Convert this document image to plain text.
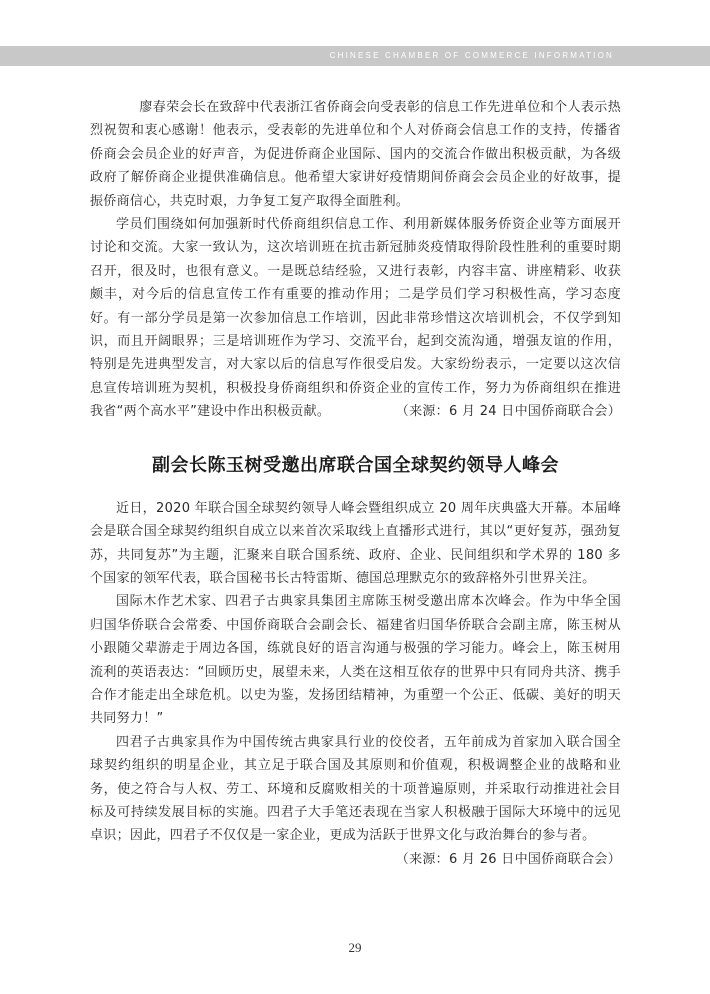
CHINESE CHAMBER OF COMMERCE INFORMATION

廖春荣会长在致辞中代表浙江省侨商会向受表彰的信息工作先进单位和个人表示热烈祝贺和衷心感谢！他表示，受表彰的先进单位和个人对侨商会信息工作的支持，传播省侨商会会员企业的好声音，为促进侨商企业国际、国内的交流合作做出积极贡献，为各级政府了解侨商企业提供准确信息。他希望大家讲好疫情期间侨商会会员企业的好故事，提振侨商信心，共克时艰，力争复工复产取得全面胜利。

学员们围绕如何加强新时代侨商组织信息工作、利用新媒体服务侨资企业等方面展开讨论和交流。大家一致认为，这次培训班在抗击新冠肺炎疫情取得阶段性胜利的重要时期召开，很及时，也很有意义。一是既总结经验，又进行表彰，内容丰富、讲座精彩、收获颇丰，对今后的信息宣传工作有重要的推动作用；二是学员们学习积极性高，学习态度好。有一部分学员是第一次参加信息工作培训，因此非常珍惜这次培训机会，不仅学到知识，而且开阔眼界；三是培训班作为学习、交流平台，起到交流沟通，增强友谊的作用，特别是先进典型发言，对大家以后的信息写作很受启发。大家纷纷表示，一定要以这次信息宣传培训班为契机，积极投身侨商组织和侨资企业的宣传工作，努力为侨商组织在推进我省“两个高水平”建设中作出积极贡献。	（来源：6 月 24 日中国侨商联合会）

副会长陈玉树受邀出席联合国全球契约领导人峰会

近日，2020 年联合国全球契约领导人峰会暨组织成立 20 周年庆典盛大开幕。本届峰会是联合国全球契约组织自成立以来首次采取线上直播形式进行，其以“更好复苏，强劲复苏，共同复苏”为主题，汇聚来自联合国系统、政府、企业、民间组织和学术界的 180 多个国家的领军代表，联合国秘书长古特雷斯、德国总理默克尔的致辞格外引世界关注。

国际木作艺术家、四君子古典家具集团主席陈玉树受邀出席本次峰会。作为中华全国归国华侨联合会常委、中国侨商联合会副会长、福建省归国华侨联合会副主席，陈玉树从小跟随父辈游走于周边各国，练就良好的语言沟通与极强的学习能力。峰会上，陈玉树用流利的英语表达：“回顾历史，展望未来，人类在这相互依存的世界中只有同舟共济、携手合作才能走出全球危机。以史为鉴，发扬团结精神，为重塑一个公正、低碳、美好的明天共同努力！”

四君子古典家具作为中国传统古典家具行业的佼佼者，五年前成为首家加入联合国全球契约组织的明星企业，其立足于联合国及其原则和价值观，积极调整企业的战略和业务，使之符合与人权、劳工、环境和反腐败相关的十项普遍原则，并采取行动推进社会目标及可持续发展目标的实施。四君子大手笔还表现在当家人积极融于国际大环境中的远见卓识；因此，四君子不仅仅是一家企业，更成为活跃于世界文化与政治舞台的参与者。

（来源：6 月 26 日中国侨商联合会）
29
